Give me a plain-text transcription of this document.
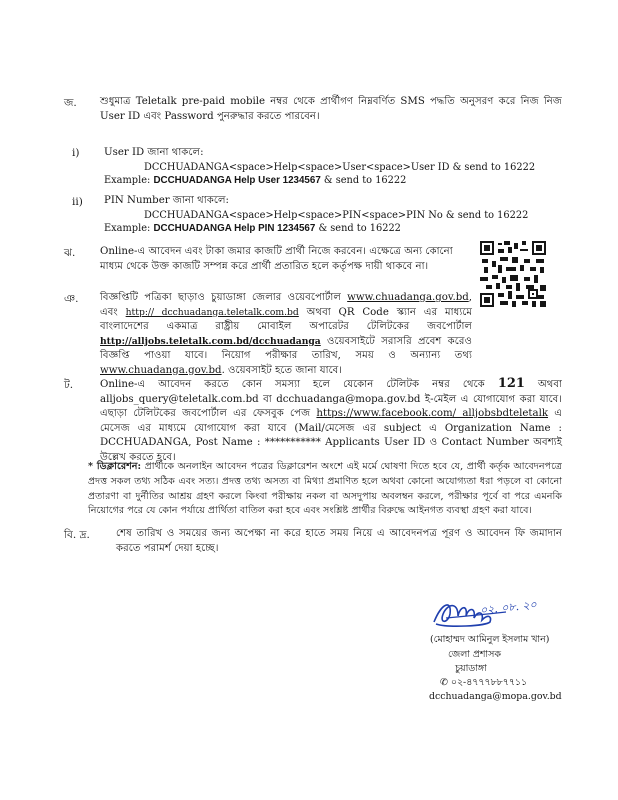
জ. শুধুমাত্র Teletalk pre-paid mobile নম্বর থেকে প্রার্থীগণ নিম্নবর্ণিত SMS পদ্ধতি অনুসরণ করে নিজ নিজ User ID এবং Password পুনরুদ্ধার করতে পারবেন।
i) User ID জানা থাকলে:
DCCHUADANGA<space>Help<space>User<space>User ID & send to 16222
Example: DCCHUADANGA Help User 1234567 & send to 16222
ii) PIN Number জানা থাকলে:
DCCHUADANGA<space>Help<space>PIN<space>PIN No & send to 16222
Example: DCCHUADANGA Help PIN 1234567 & send to 16222
ঝ. Online-এ আবেদন এবং টাকা জমার কাজটি প্রার্থী নিজে করবেন। এক্ষেত্রে অন্য কোনো মাধ্যম থেকে উক্ত কাজটি সম্পন্ন করে প্রার্থী প্রতারিত হলে কর্তৃপক্ষ দায়ী থাকবে না।
ঞ. বিজ্ঞপ্তিটি পত্রিকা ছাড়াও চুয়াডাঙ্গা জেলার ওয়েবপোর্টাল www.chuadanga.gov.bd, এবং http:// dcchuadanga.teletalk.com.bd অথবা QR Code স্ক্যান এর মাধ্যমে বাংলাদেশের একমাত্র রাষ্ট্রীয় মোবাইল অপারেটর টেলিটকের জবপোর্টাল http://alljobs.teletalk.com.bd/dcchuadanga ওয়েবসাইটে সরাসরি প্রবেশ করেও বিজ্ঞপ্তি পাওয়া যাবে। নিয়োগ পরীক্ষার তারিখ, সময় ও অন্যান্য তথ্য www.chuadanga.gov.bd. ওয়েবসাইট হতে জানা যাবে।
ট.	Online-এ আবেদন করতে কোন সমস্যা হলে যেকোন টেলিটক নম্বর থেকে 121 অথবা alljobs_query@teletalk.com.bd বা dcchuadanga@mopa.gov.bd ই-মেইল এ যোগাযোগ করা যাবে। এছাড়া টেলিটকের জবপোর্টাল এর ফেসবুক পেজ https://www.facebook.com/ alljobsbdteletalk এ মেসেজ এর মাধ্যমে যোগাযোগ করা যাবে (Mail/মেসেজ এর subject এ Organization Name : DCCHUADANGA, Post Name : *********** Applicants User ID ও Contact Number অবশ্যই উল্লেখ করতে হবে।
* ডিক্লারেশন: প্রার্থীকে অনলাইন আবেদন পত্রের ডিক্লারেশন অংশে এই মর্মে ঘোষণা দিতে হবে যে, প্রার্থী কর্তৃক আবেদনপত্রে প্রদত্ত সকল তথ্য সঠিক এবং সত্য। প্রদত্ত তথ্য অসত্য বা মিথ্যা প্রমাণিত হলে অথবা কোনো অযোগ্যতা ধরা পড়লে বা কোনো প্রতারণা বা দুর্নীতির আশ্রয় গ্রহণ করলে কিংবা পরীক্ষায় নকল বা অসদুপায় অবলম্বন করলে, পরীক্ষার পূর্বে বা পরে এমনকি নিয়োগের পরে যে কোন পর্যায়ে প্রার্থিতা বাতিল করা হবে এবং সংশ্লিষ্ট প্রার্থীর বিরুদ্ধে আইনগত ব্যবস্থা গ্রহণ করা যাবে।
বি. দ্র.	শেষ তারিখ ও সময়ের জন্য অপেক্ষা না করে হাতে সময় নিয়ে এ আবেদনপত্র পূরণ ও আবেদন ফি জমাদান করতে পরামর্শ দেয়া হচ্ছে।
০২. ০৮. ২০
(মোহাম্মদ আমিনুল ইসলাম খান)
জেলা প্রশাসক
চুয়াডাঙ্গা
✆ ০২-৪৭৭৭৮৮৭৭১১
dcchuadanga@mopa.gov.bd
